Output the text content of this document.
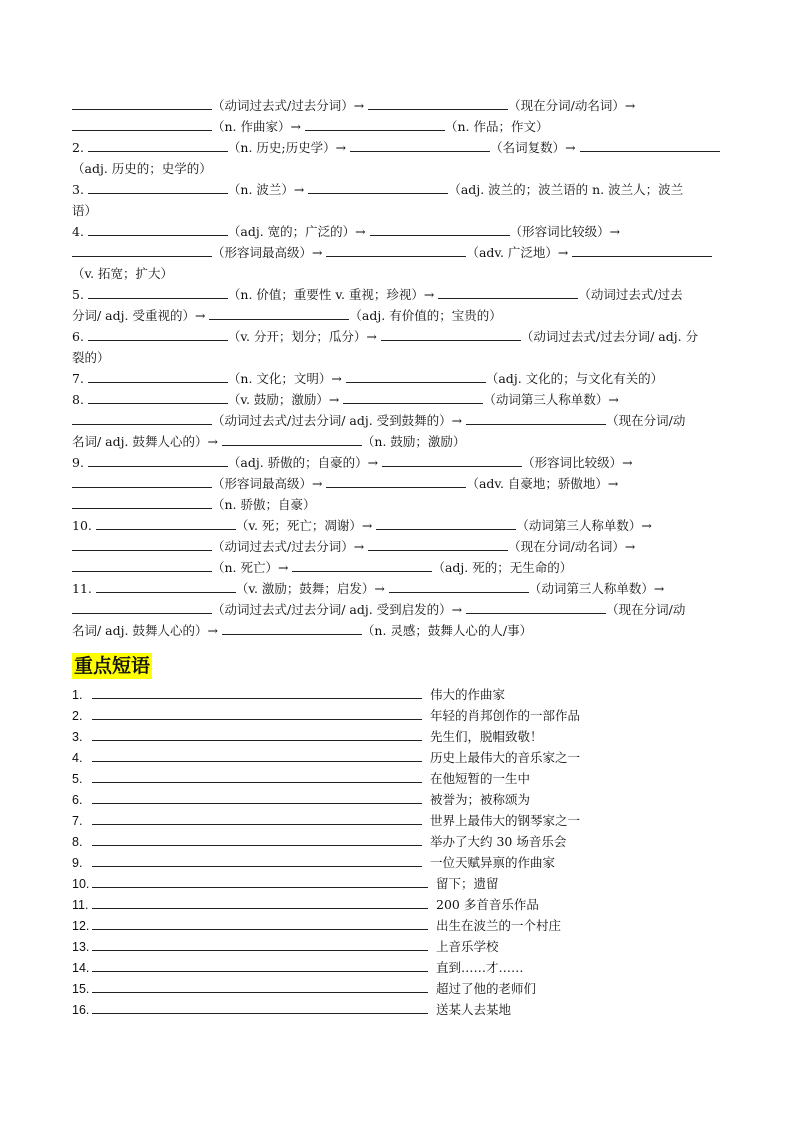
（动词过去式/过去分词）→	（现在分词/动名词）→
（n. 作曲家）→	（n. 作品；作文）
2.	（n. 历史;历史学）→	（名词复数）→
（adj. 历史的；史学的）
3.	（n. 波兰）→	（adj. 波兰的；波兰语的 n. 波兰人；波兰
语）
4.	（adj. 宽的；广泛的）→	（形容词比较级）→
（形容词最高级）→	（adv. 广泛地）→
（v. 拓宽；扩大）
5.	（n. 价值；重要性 v. 重视；珍视）→	（动词过去式/过去
分词/ adj. 受重视的）→	（adj. 有价值的；宝贵的）
6.	（v. 分开；划分；瓜分）→	（动词过去式/过去分词/ adj. 分
裂的）
7.	（n. 文化；文明）→	（adj. 文化的；与文化有关的）
8.	（v. 鼓励；激励）→	（动词第三人称单数）→
（动词过去式/过去分词/ adj. 受到鼓舞的）→	（现在分词/动
名词/ adj. 鼓舞人心的）→	（n. 鼓励；激励）
9.	（adj. 骄傲的；自豪的）→	（形容词比较级）→
（形容词最高级）→	（adv. 自豪地；骄傲地）→
（n. 骄傲；自豪）
10.	（v. 死；死亡；凋谢）→	（动词第三人称单数）→
（动词过去式/过去分词）→	（现在分词/动名词）→
（n. 死亡）→	（adj. 死的；无生命的）
11.	（v. 激励；鼓舞；启发）→	（动词第三人称单数）→
（动词过去式/过去分词/ adj. 受到启发的）→	（现在分词/动
名词/ adj. 鼓舞人心的）→	（n. 灵感；鼓舞人心的人/事）
重点短语
1.	伟大的作曲家
2.	年轻的肖邦创作的一部作品
3.	先生们，脱帽致敬！
4.	历史上最伟大的音乐家之一
5.	在他短暂的一生中
6.	被誉为；被称颂为
7.	世界上最伟大的钢琴家之一
8.	举办了大约 30 场音乐会
9.	一位天赋异禀的作曲家
10.	留下；遗留
11.	200 多首音乐作品
12.	出生在波兰的一个村庄
13.	上音乐学校
14.	直到……才……
15.	超过了他的老师们
16.	送某人去某地
